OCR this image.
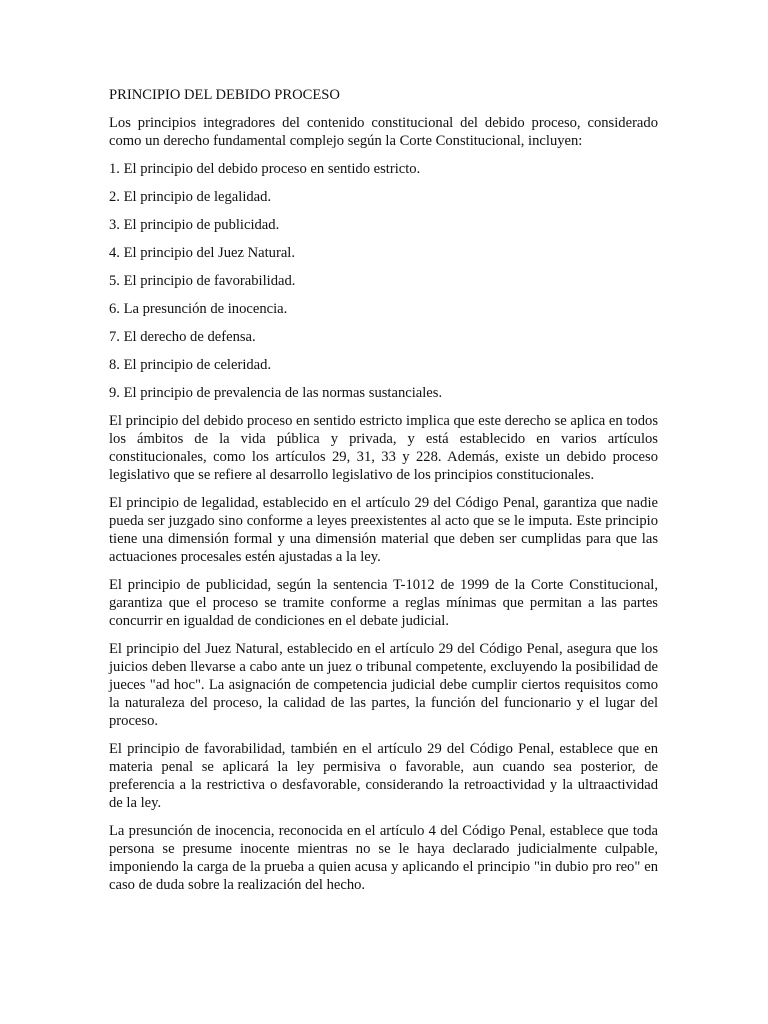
PRINCIPIO DEL DEBIDO PROCESO

Los principios integradores del contenido constitucional del debido proceso, considerado como un derecho fundamental complejo según la Corte Constitucional, incluyen:

1. El principio del debido proceso en sentido estricto.
2. El principio de legalidad.
3. El principio de publicidad.
4. El principio del Juez Natural.
5. El principio de favorabilidad.
6. La presunción de inocencia.
7. El derecho de defensa.
8. El principio de celeridad.
9. El principio de prevalencia de las normas sustanciales.

El principio del debido proceso en sentido estricto implica que este derecho se aplica en todos los ámbitos de la vida pública y privada, y está establecido en varios artículos constitucionales, como los artículos 29, 31, 33 y 228. Además, existe un debido proceso legislativo que se refiere al desarrollo legislativo de los principios constitucionales.

El principio de legalidad, establecido en el artículo 29 del Código Penal, garantiza que nadie pueda ser juzgado sino conforme a leyes preexistentes al acto que se le imputa. Este principio tiene una dimensión formal y una dimensión material que deben ser cumplidas para que las actuaciones procesales estén ajustadas a la ley.

El principio de publicidad, según la sentencia T-1012 de 1999 de la Corte Constitucional, garantiza que el proceso se tramite conforme a reglas mínimas que permitan a las partes concurrir en igualdad de condiciones en el debate judicial.

El principio del Juez Natural, establecido en el artículo 29 del Código Penal, asegura que los juicios deben llevarse a cabo ante un juez o tribunal competente, excluyendo la posibilidad de jueces "ad hoc". La asignación de competencia judicial debe cumplir ciertos requisitos como la naturaleza del proceso, la calidad de las partes, la función del funcionario y el lugar del proceso.

El principio de favorabilidad, también en el artículo 29 del Código Penal, establece que en materia penal se aplicará la ley permisiva o favorable, aun cuando sea posterior, de preferencia a la restrictiva o desfavorable, considerando la retroactividad y la ultraactividad de la ley.

La presunción de inocencia, reconocida en el artículo 4 del Código Penal, establece que toda persona se presume inocente mientras no se le haya declarado judicialmente culpable, imponiendo la carga de la prueba a quien acusa y aplicando el principio "in dubio pro reo" en caso de duda sobre la realización del hecho.
